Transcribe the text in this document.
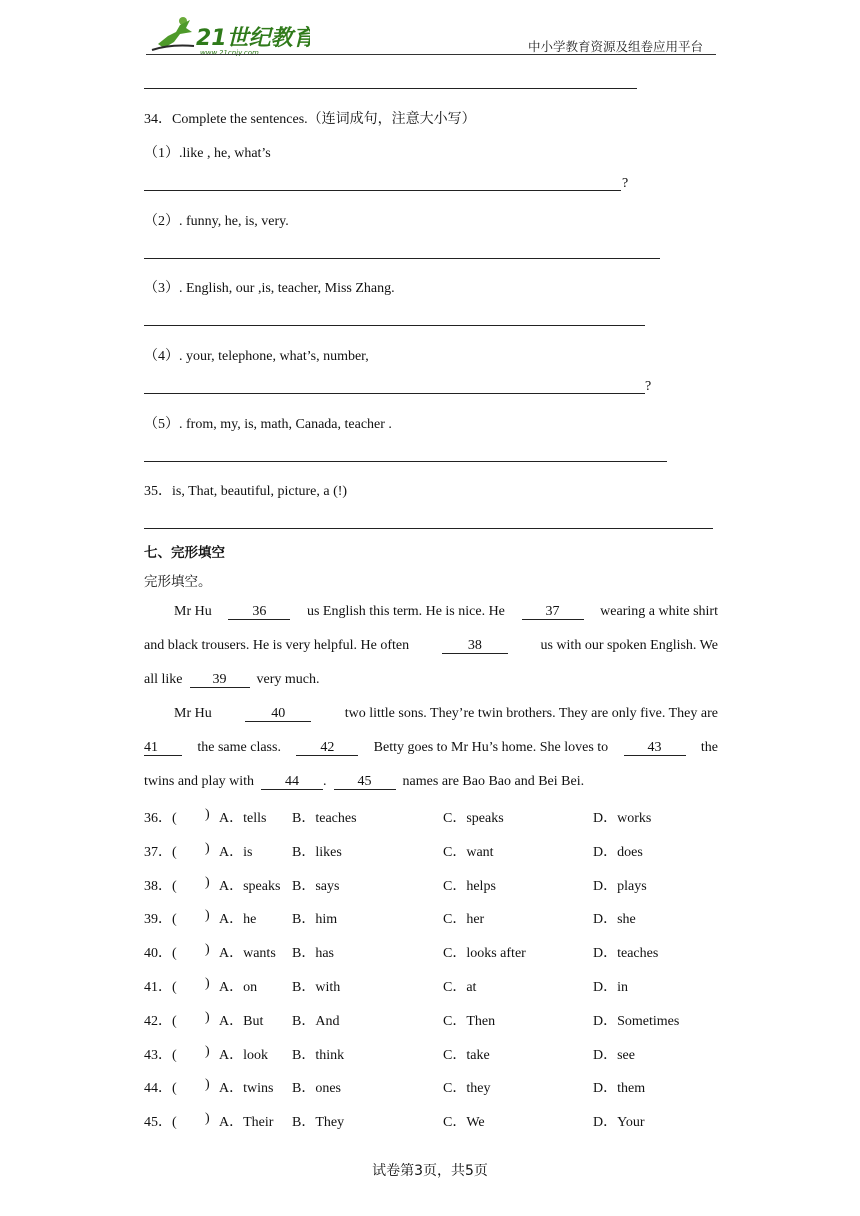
21世纪教育
www.21cnjy.com	中小学教育资源及组卷应用平台
34．Complete the sentences.（连词成句，注意大小写）
（1）.like , he, what’s
?
（2）. funny, he, is, very.
（3）. English, our ,is, teacher, Miss Zhang.
（4）. your, telephone, what’s, number,
?
（5）. from, my, is, math, Canada, teacher .
35．is, That, beautiful, picture, a (!)
七、完形填空
完形填空。
Mr Hu	36	us English this term. He is nice. He	37	wearing a white shirt
and black trousers. He is very helpful. He often	38	us with our spoken English. We
all like 39 very much.
Mr Hu	40	two little sons. They’re twin brothers. They are only five. They are
41	the same class.	42	Betty goes to Mr Hu’s home. She loves to	43	the
twins and play with 44 . 45 names are Bao Bao and Bei Bei.
36．( ) A．tells B．teaches	C．speaks	D．works
37．( ) A．is	B．likes	C．want	D．does
38．( ) A．speaks B．says	C．helps	D．plays
39．( ) A．he	B．him	C．her	D．she
40．( ) A．wants B．has	C．looks after	D．teaches
41．( ) A．on B．with	C．at	D．in
42．( ) A．But B．And	C．Then	D．Sometimes
43．( ) A．look B．think	C．take	D．see
44．( ) A．twins B．ones	C．they	D．them
45．( ) A．Their B．They	C．We	D．Your
试卷第3页，共5页
